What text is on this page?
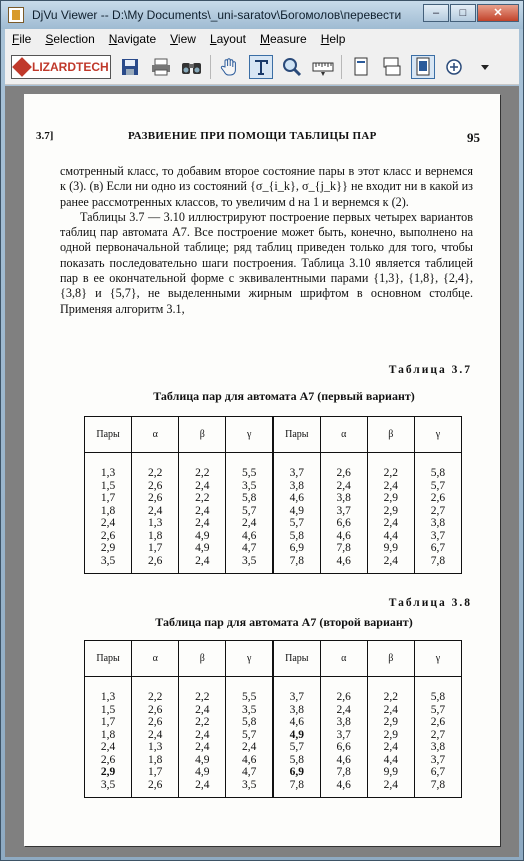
DjVu Viewer -- D:\My Documents\_uni-saratov\Богомолов\перевести	–	□	✕
File	Selection	Navigate	View	Layout	Measure	Help
LIZARDTECH
3.7]	РАЗВИЕНИЕ ПРИ ПОМОЩИ ТАБЛИЦЫ ПАР	95

смотренный класс, то добавим второе состояние пары в этот класс и вернемся к (3). (в) Если ни одно из состояний {σ_{i_k}, σ_{j_k}} не входит ни в какой из ранее рассмотренных классов, то увеличим d на 1 и вернемся к (2).

Таблицы 3.7 — 3.10 иллюстрируют построение первых четырех вариантов таблиц пар автомата A7. Все построение может быть, конечно, выполнено на одной первоначальной таблице; ряд таблиц приведен только для того, чтобы показать последовательно шаги построения. Таблица 3.10 является таблицей пар в ее окончательной форме с эквивалентными парами {1,3}, {1,8}, {2,4}, {3,8} и {5,7}, не выделенными жирным шрифтом в основном столбце. Применяя алгоритм 3.1,

Таблица 3.7
Таблица пар для автомата A7 (первый вариант)
Пары	α	β	γ	Пары	α	β	γ
1,3	2,2	2,2	5,5	3,7	2,6	2,2	5,8
1,5	2,6	2,4	3,5	3,8	2,4	2,4	5,7
1,7	2,6	2,2	5,8	4,6	3,8	2,9	2,6
1,8	2,4	2,4	5,7	4,9	3,7	2,9	2,7
2,4	1,3	2,4	2,4	5,7	6,6	2,4	3,8
2,6	1,8	4,9	4,6	5,8	4,6	4,4	3,7
2,9	1,7	4,9	4,7	6,9	7,8	9,9	6,7
3,5	2,6	2,4	3,5	7,8	4,6	2,4	7,8
Таблица 3.8
Таблица пар для автомата A7 (второй вариант)
Пары	α	β	γ	Пары	α	β	γ
1,3	2,2	2,2	5,5	3,7	2,6	2,2	5,8
1,5	2,6	2,4	3,5	3,8	2,4	2,4	5,7
1,7	2,6	2,2	5,8	4,6	3,8	2,9	2,6
1,8	2,4	2,4	5,7	4,9	3,7	2,9	2,7
2,4	1,3	2,4	2,4	5,7	6,6	2,4	3,8
2,6	1,8	4,9	4,6	5,8	4,6	4,4	3,7
2,9	1,7	4,9	4,7	6,9	7,8	9,9	6,7
3,5	2,6	2,4	3,5	7,8	4,6	2,4	7,8
